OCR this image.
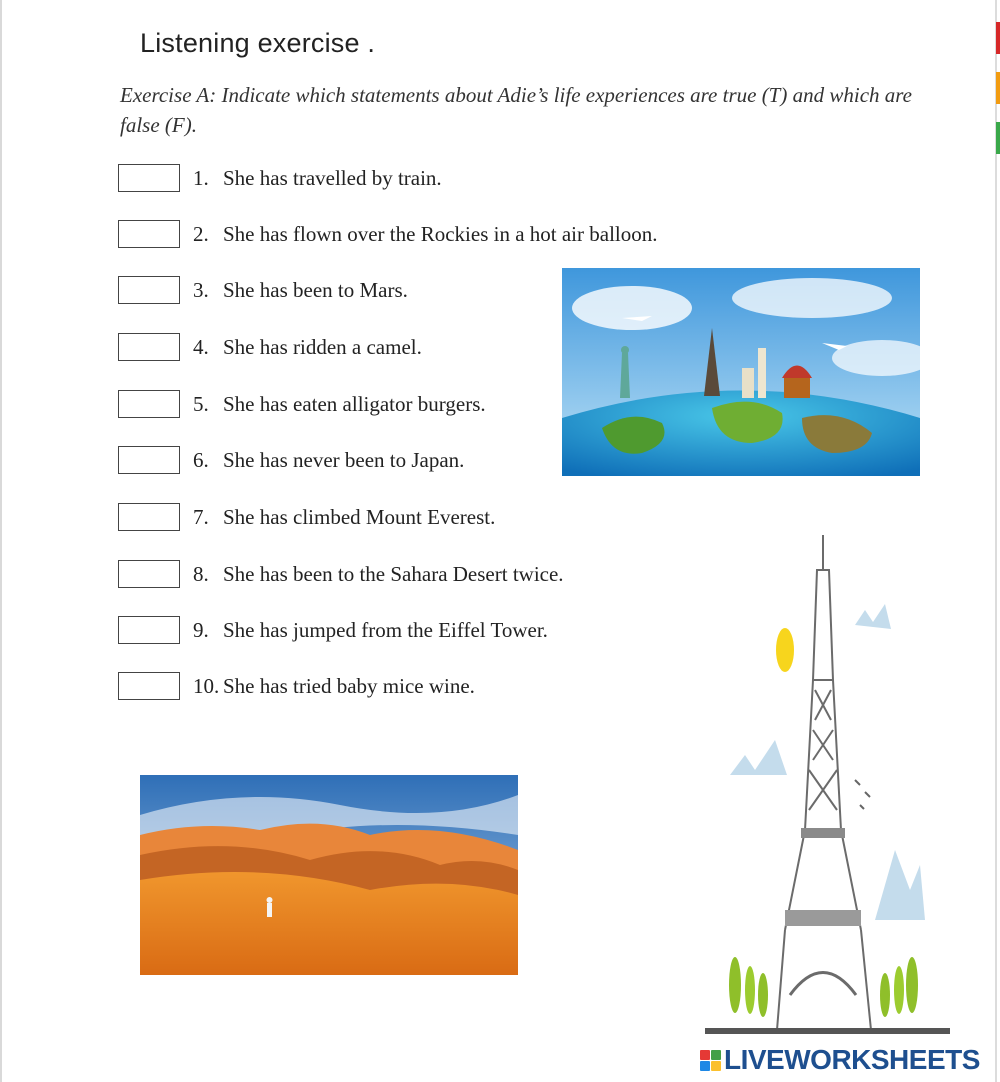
Listening exercise .
Exercise A: Indicate which statements about Adie’s life experiences are true (T) and which are false (F).
1. She has travelled by train.
2. She has flown over the Rockies in a hot air balloon.
3. She has been to Mars.
4. She has ridden a camel.
5. She has eaten alligator burgers.
6. She has never been to Japan.
7. She has climbed Mount Everest.
8. She has been to the Sahara Desert twice.
9. She has jumped from the Eiffel Tower.
10. She has tried baby mice wine.
LIVEWORKSHEETS
